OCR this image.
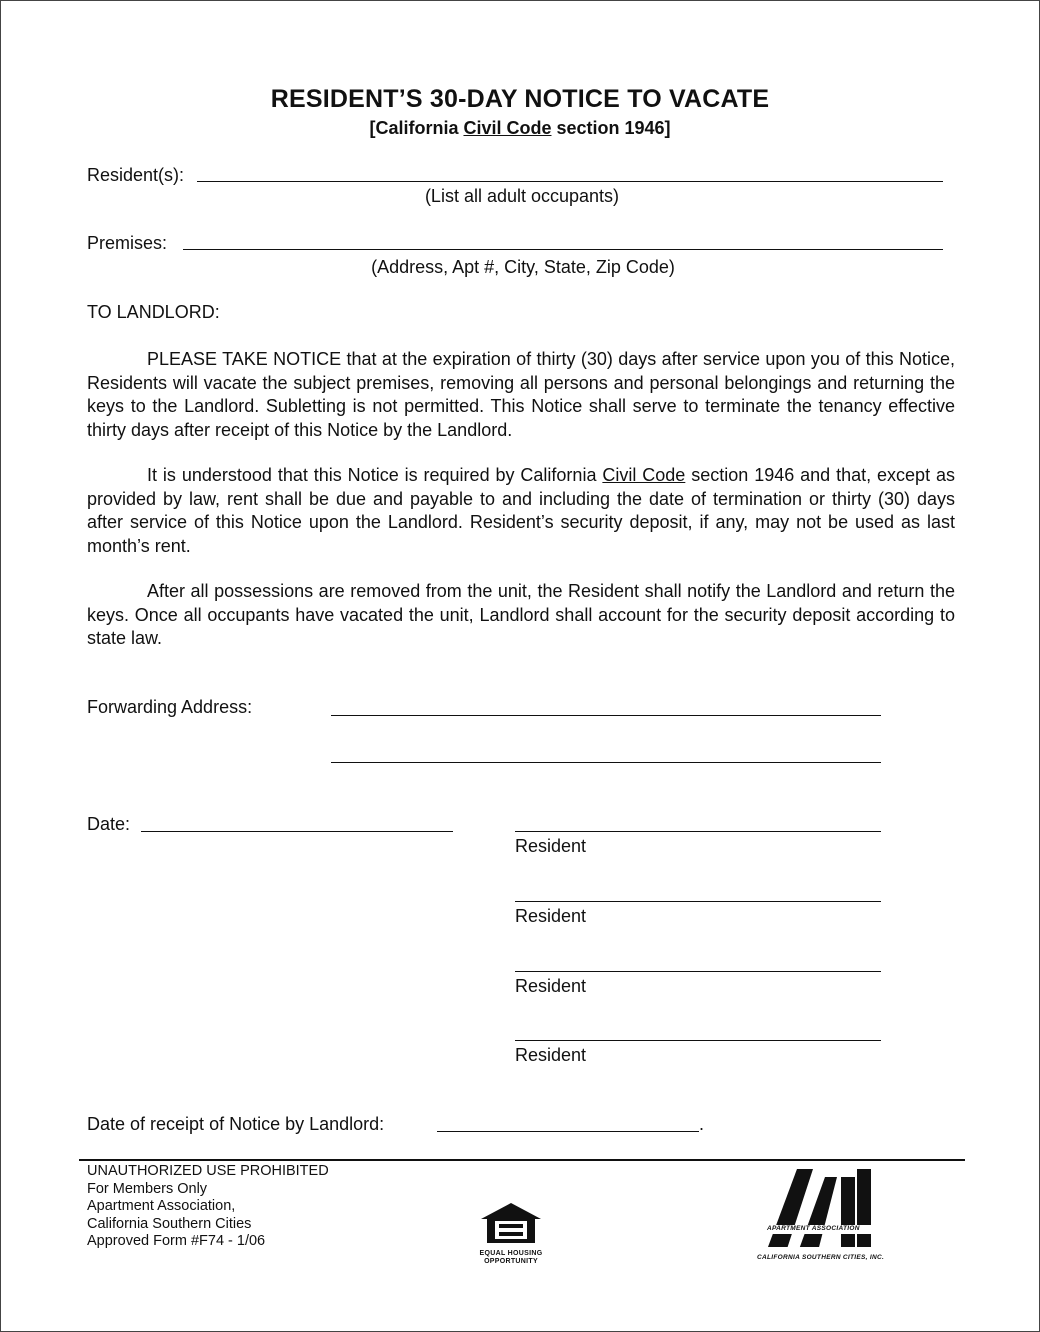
RESIDENT’S 30-DAY NOTICE TO VACATE
[California Civil Code section 1946]
Resident(s):
(List all adult occupants)
Premises:
(Address, Apt #, City, State, Zip Code)
TO LANDLORD:
PLEASE TAKE NOTICE that at the expiration of thirty (30) days after service upon you of this Notice, Residents will vacate the subject premises, removing all persons and personal belongings and returning the keys to the Landlord. Subletting is not permitted. This Notice shall serve to terminate the tenancy effective thirty days after receipt of this Notice by the Landlord.
It is understood that this Notice is required by California Civil Code section 1946 and that, except as provided by law, rent shall be due and payable to and including the date of termination or thirty (30) days after service of this Notice upon the Landlord. Resident’s security deposit, if any, may not be used as last month’s rent.
After all possessions are removed from the unit, the Resident shall notify the Landlord and return the keys. Once all occupants have vacated the unit, Landlord shall account for the security deposit according to state law.
Forwarding Address:
Date:
Resident
Resident
Resident
Resident
Date of receipt of Notice by Landlord:	.
UNAUTHORIZED USE PROHIBITED
For Members Only
Apartment Association,
California Southern Cities
Approved Form #F74 - 1/06
EQUAL HOUSING
OPPORTUNITY
APARTMENT ASSOCIATION
CALIFORNIA SOUTHERN CITIES, INC.
